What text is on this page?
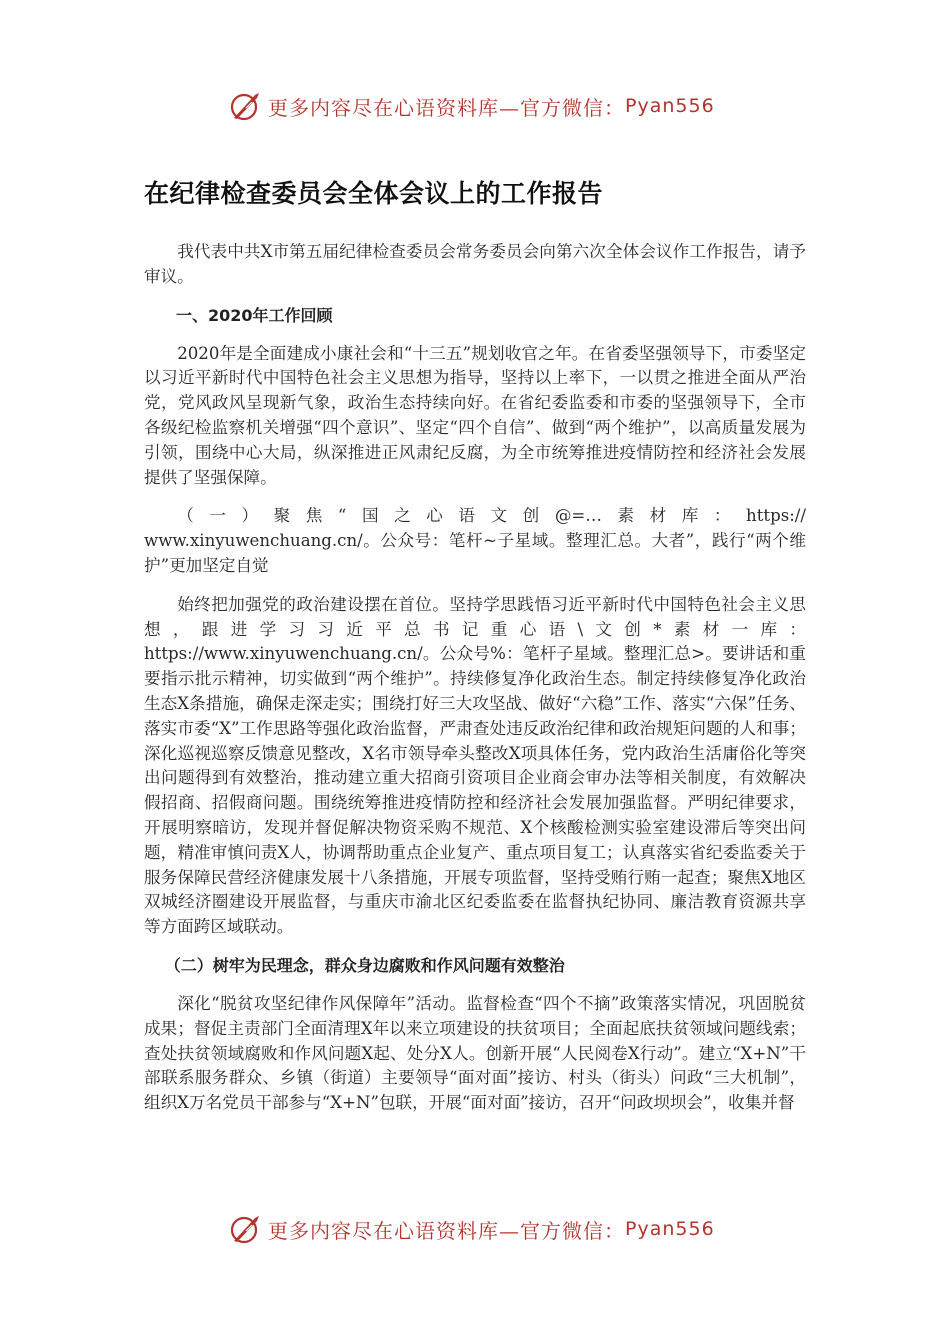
更多内容尽在心语资料库—官方微信： Pyan556
在纪律检查委员会全体会议上的工作报告

我代表中共X市第五届纪律检查委员会常务委员会向第六次全体会议作工作报告，请予审议。

一、2020年工作回顾

2020年是全面建成小康社会和“十三五”规划收官之年。在省委坚强领导下，市委坚定以习近平新时代中国特色社会主义思想为指导，坚持以上率下，一以贯之推进全面从严治党，党风政风呈现新气象，政治生态持续向好。在省纪委监委和市委的坚强领导下，全市各级纪检监察机关增强“四个意识”、坚定“四个自信”、做到“两个维护”，以高质量发展为引领，围绕中心大局，纵深推进正风肃纪反腐，为全市统筹推进疫情防控和经济社会发展提供了坚强保障。

（一）聚焦“国之心语文创@=…素材库：https://

www.xinyuwenchuang.cn/。公众号：笔杆~子星域。整理汇总。大者”，践行“两个维护”更加坚定自觉

始终把加强党的政治建设摆在首位。坚持学思践悟习近平新时代中国特色社会主义思想，跟进学习习近平总书记重心语\文创*素材一库：https://www.xinyuwenchuang.cn/。公众号%：笔杆子星域。整理汇总>。要讲话和重要指示批示精神，切实做到“两个维护”。持续修复净化政治生态。制定持续修复净化政治生态X条措施，确保走深走实；围绕打好三大攻坚战、做好“六稳”工作、落实“六保”任务、落实市委“X”工作思路等强化政治监督，严肃查处违反政治纪律和政治规矩问题的人和事；深化巡视巡察反馈意见整改，X名市领导牵头整改X项具体任务，党内政治生活庸俗化等突出问题得到有效整治，推动建立重大招商引资项目企业商会审办法等相关制度，有效解决假招商、招假商问题。围绕统筹推进疫情防控和经济社会发展加强监督。严明纪律要求，开展明察暗访，发现并督促解决物资采购不规范、X个核酸检测实验室建设滞后等突出问题，精准审慎问责X人，协调帮助重点企业复产、重点项目复工；认真落实省纪委监委关于服务保障民营经济健康发展十八条措施，开展专项监督，坚持受贿行贿一起查；聚焦X地区双城经济圈建设开展监督，与重庆市渝北区纪委监委在监督执纪协同、廉洁教育资源共享等方面跨区域联动。

（二）树牢为民理念，群众身边腐败和作风问题有效整治

深化“脱贫攻坚纪律作风保障年”活动。监督检查“四个不摘”政策落实情况，巩固脱贫成果；督促主责部门全面清理X年以来立项建设的扶贫项目；全面起底扶贫领域问题线索；查处扶贫领域腐败和作风问题X起、处分X人。创新开展“人民阅卷X行动”。建立“X+N”干部联系服务群众、乡镇（街道）主要领导“面对面”接访、村头（街头）问政“三大机制”，组织X万名党员干部参与“X+N”包联，开展“面对面”接访，召开“问政坝坝会”，收集并督

更多内容尽在心语资料库—官方微信： Pyan556
